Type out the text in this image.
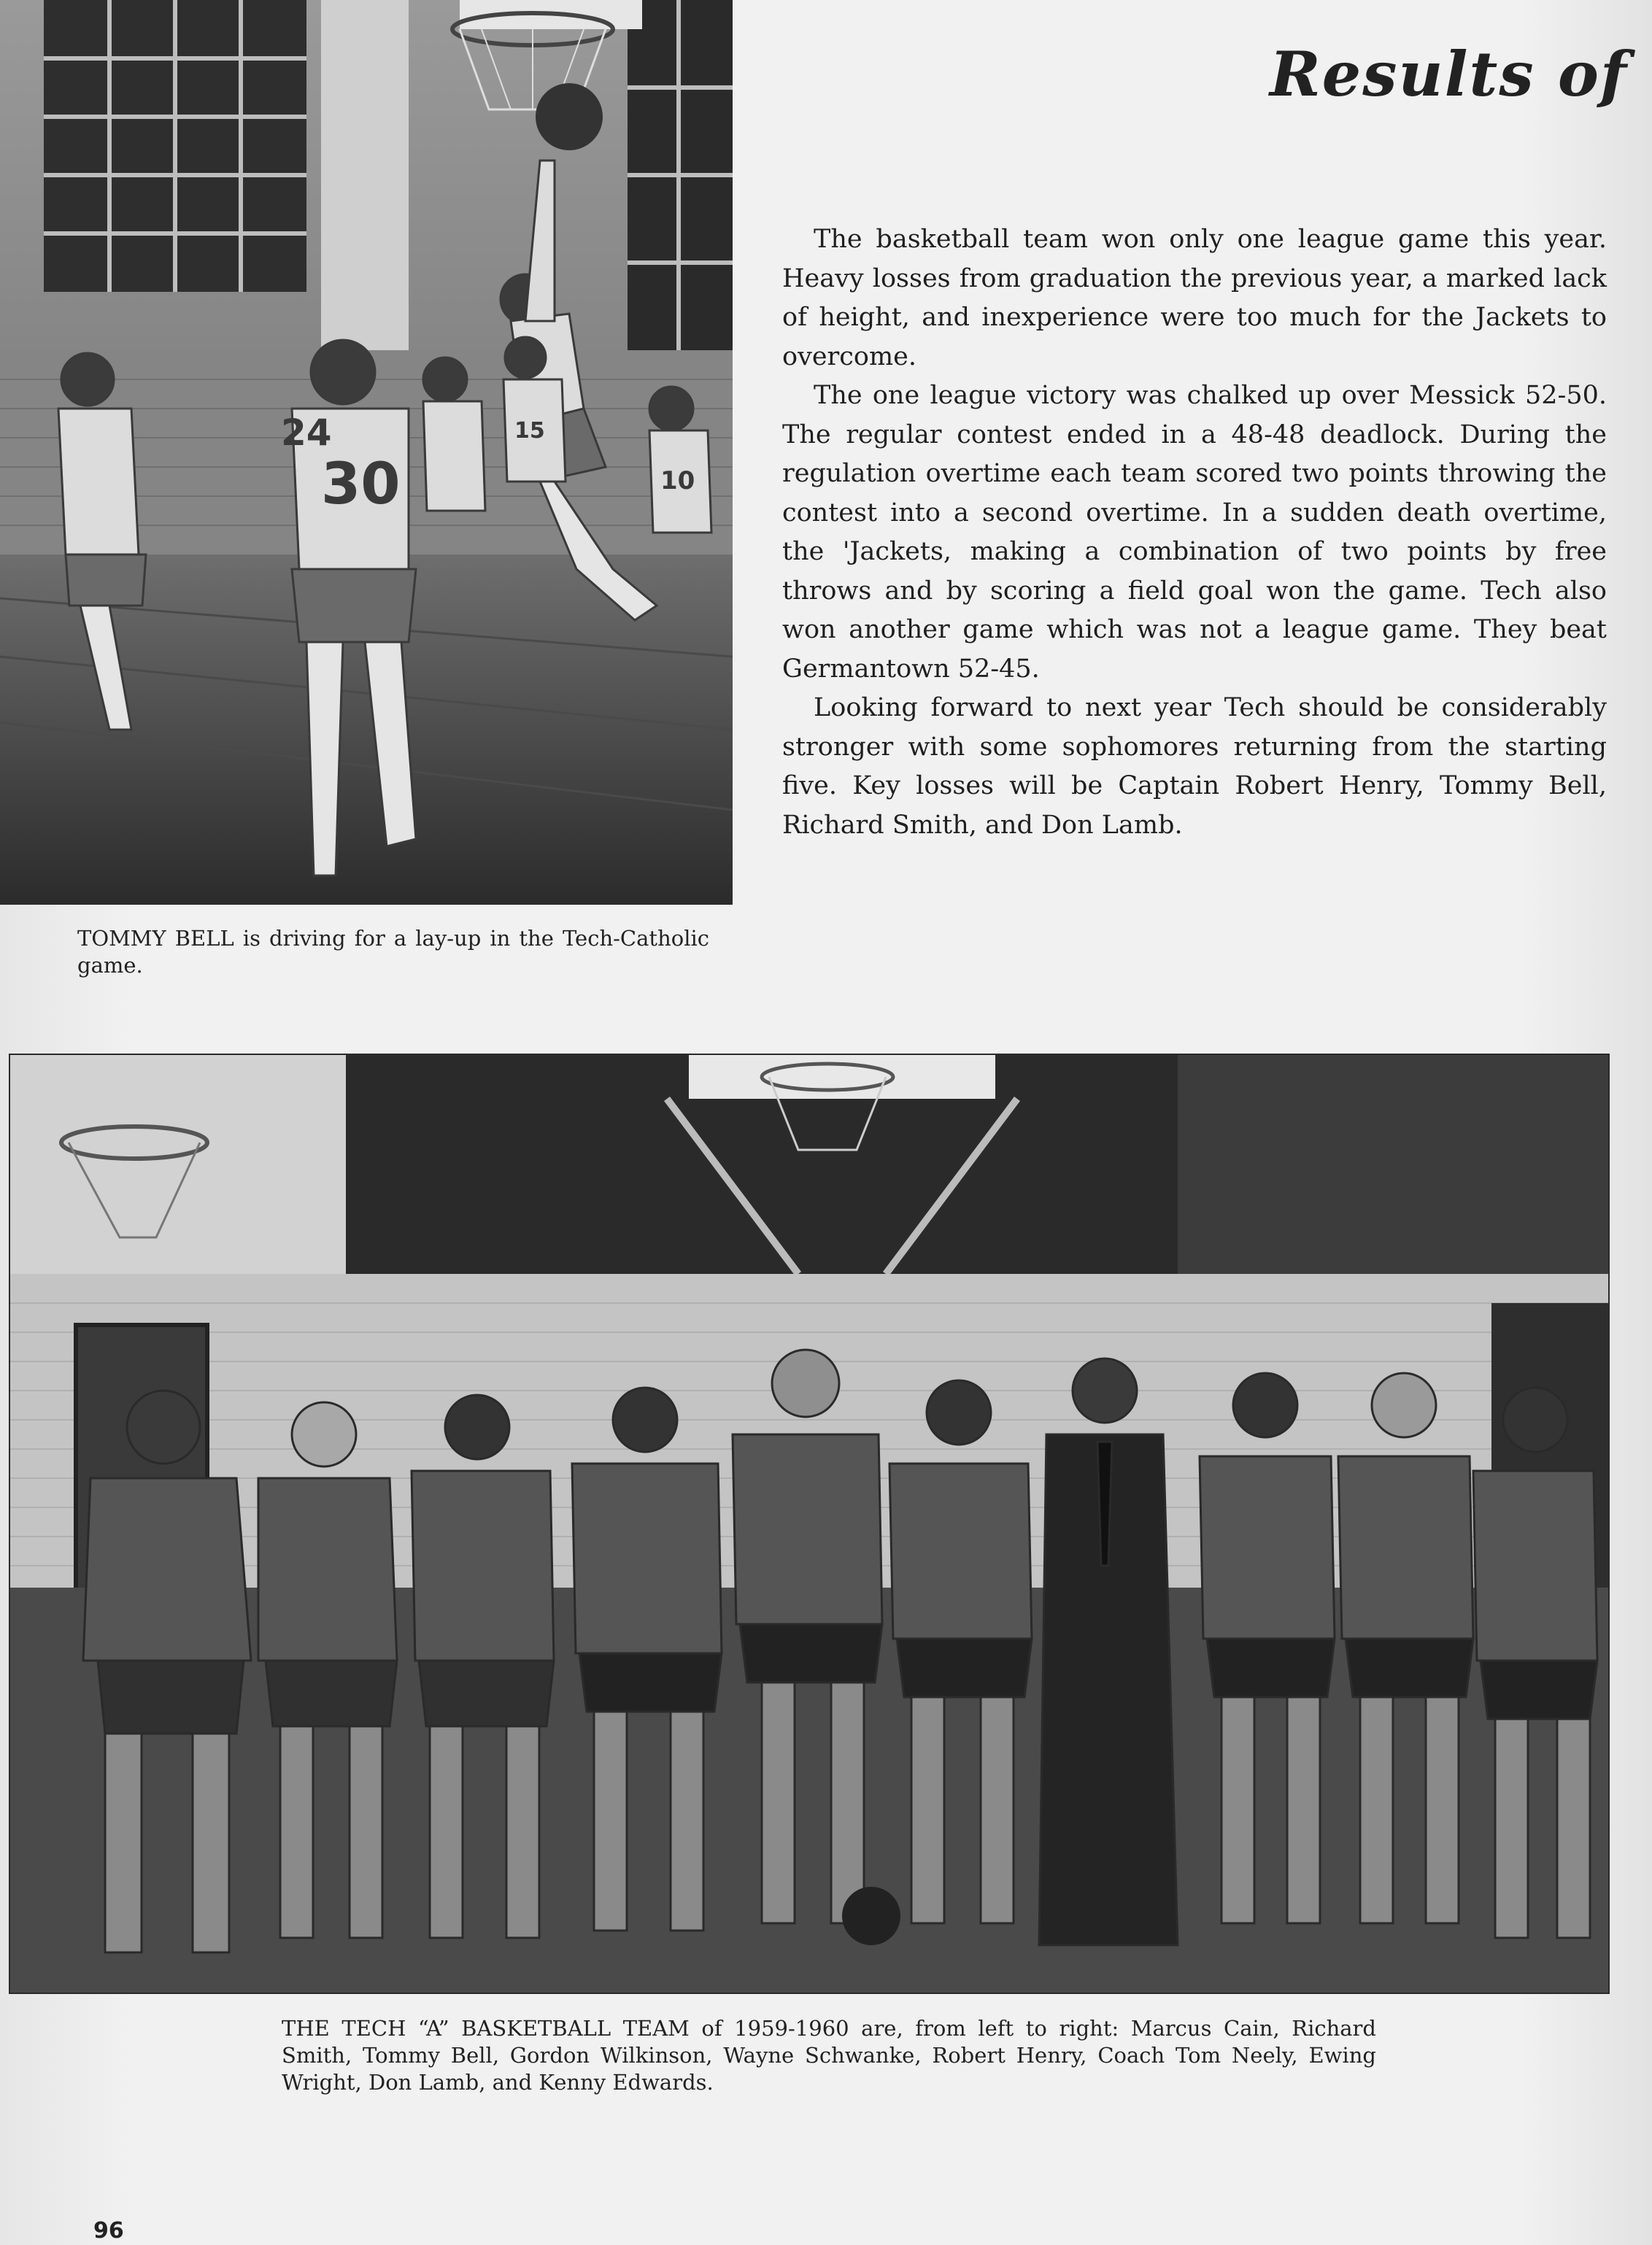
Results of
30
24	15
10

The basketball team won only one league game this year. Heavy losses from graduation the previous year, a marked lack of height, and inexperience were too much for the Jackets to overcome.

The one league victory was chalked up over Messick 52-50. The regular contest ended in a 48-48 deadlock. During the regulation overtime each team scored two points throwing the contest into a second overtime. In a sudden death overtime, the 'Jackets, making a combination of two points by free throws and by scoring a field goal won the game. Tech also won another game which was not a league game. They beat Germantown 52-45.

Looking forward to next year Tech should be considerably stronger with some sophomores returning from the starting five. Key losses will be Captain Robert Henry, Tommy Bell, Richard Smith, and Don Lamb.

TOMMY BELL is driving for a lay-up in the Tech-Catholic game.
THE TECH “A” BASKETBALL TEAM of 1959-1960 are, from left to right: Marcus Cain, Richard Smith, Tommy Bell, Gordon Wilkinson, Wayne Schwanke, Robert Henry, Coach Tom Neely, Ewing Wright, Don Lamb, and Kenny Edwards.
96
